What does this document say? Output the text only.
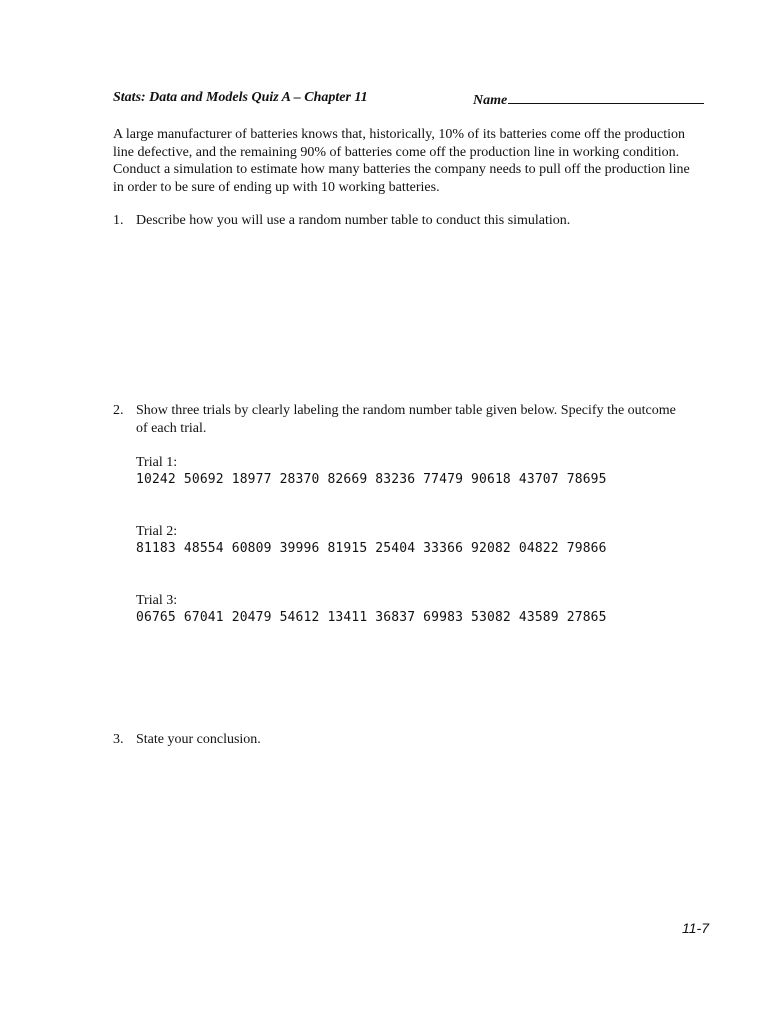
Stats: Data and Models Quiz A – Chapter 11	Name
A large manufacturer of batteries knows that, historically, 10% of its batteries come off the production line defective, and the remaining 90% of batteries come off the production line in working condition. Conduct a simulation to estimate how many batteries the company needs to pull off the production line in order to be sure of ending up with 10 working batteries.
1. Describe how you will use a random number table to conduct this simulation.
2. Show three trials by clearly labeling the random number table given below. Specify the outcome of each trial.
Trial 1:
10242 50692 18977 28370 82669 83236 77479 90618 43707 78695
Trial 2:
81183 48554 60809 39996 81915 25404 33366 92082 04822 79866
Trial 3:
06765 67041 20479 54612 13411 36837 69983 53082 43589 27865
3. State your conclusion.
11-7
